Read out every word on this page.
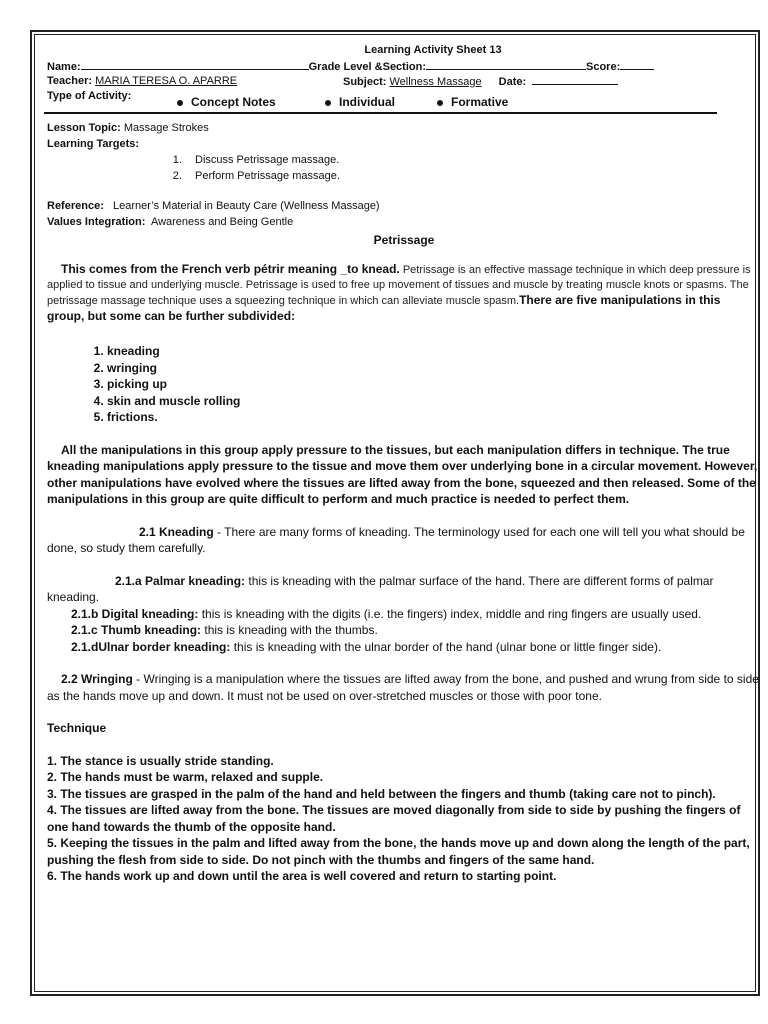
Learning Activity Sheet 13
Name:	Grade Level &Section:	Score:
Teacher: MARIA TERESA O. APARRE	Subject: Wellness Massage Date:
Type of Activity:	Concept Notes	Individual	Formative
Lesson Topic: Massage Strokes
Learning Targets:
1. Discuss Petrissage massage.
2. Perform Petrissage massage.
Reference: Learner’s Material in Beauty Care (Wellness Massage)
Values Integration: Awareness and Being Gentle
Petrissage
This comes from the French verb pétrir meaning _to knead. Petrissage is an effective massage technique in which deep pressure is applied to tissue and underlying muscle. Petrissage is used to free up movement of tissues and muscle by treating muscle knots or spasms. The petrissage massage technique uses a squeezing technique in which can alleviate muscle spasm.There are five manipulations in this group, but some can be further subdivided:
1. kneading
2. wringing
3. picking up
4. skin and muscle rolling
5. frictions.

All the manipulations in this group apply pressure to the tissues, but each manipulation differs in technique. The true kneading manipulations apply pressure to the tissue and move them over underlying bone in a circular movement. However, other manipulations have evolved where the tissues are lifted away from the bone, squeezed and then released. Some of the manipulations in this group are quite difficult to perform and much practice is needed to perfect them.

2.1 Kneading - There are many forms of kneading. The terminology used for each one will tell you what should be done, so study them carefully.

2.1.a Palmar kneading: this is kneading with the palmar surface of the hand. There are different forms of palmar kneading.

2.1.b Digital kneading: this is kneading with the digits (i.e. the fingers) index, middle and ring fingers are usually used.

2.1.c Thumb kneading: this is kneading with the thumbs.

2.1.dUlnar border kneading: this is kneading with the ulnar border of the hand (ulnar bone or little finger side).

2.2 Wringing - Wringing is a manipulation where the tissues are lifted away from the bone, and pushed and wrung from side to side as the hands move up and down. It must not be used on over-stretched muscles or those with poor tone.

Technique

1. The stance is usually stride standing.

2. The hands must be warm, relaxed and supple.

3. The tissues are grasped in the palm of the hand and held between the fingers and thumb (taking care not to pinch).

4. The tissues are lifted away from the bone. The tissues are moved diagonally from side to side by pushing the fingers of one hand towards the thumb of the opposite hand.

5. Keeping the tissues in the palm and lifted away from the bone, the hands move up and down along the length of the part, pushing the flesh from side to side. Do not pinch with the thumbs and fingers of the same hand.

6. The hands work up and down until the area is well covered and return to starting point.
